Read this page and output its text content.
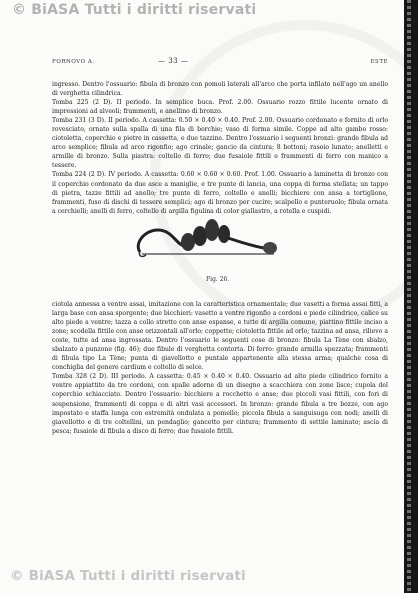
© BiASA Tutti i diritti riservati
FORNOVO A.	— 33 —	ESTE

ingresso. Dentro l'ossuario: fibula di bronzo con pomoli laterali all'arco che porta infilato nell'ago un anello di verghetta cilindrica.

Tomba 225 (2 D). II periodo. In semplice buca. Prof. 2.00. Ossuario rozzo fittile lucente ornato di impressioni ad alveoli; frammenti, e anellino di bronzo.

Tomba 231 (3 D). II periodo. A cassetta: 0.50 × 0.40 × 0.40. Prof. 2.00. Ossuario cordonato e fornito di orlo rovesciato, ornato sulla spalla di una fila di borchie; vaso di forma simile. Coppe ad alto gambo rosso: ciotoletta, coperchio e pietre in cassetta, e due tazzine. Dentro l'ossuario i seguenti bronzi: grande fibula ad arco semplice; fibula ad arco rigonfio; ago crinale; gancio da cintura; 8 bottoni; rasoio lunato; anelletti e armille di bronzo. Sulla piastra: coltello di ferro; due fusaiole fittili e frammenti di ferro con manico a tessere.

Tomba 224 (2 D). IV periodo. A cassetta: 0.60 × 0.60 × 0.60. Prof. 1.00. Ossuario a laminetta di bronzo con il coperchio cordonato da due asce a maniglie, e tre punte di lancia, una coppa di forma stellata; un tappo di pietra, tazze fittili ad anello; tre punte di ferro, coltello e anelli; bicchiere con ansa a tortiglione, frammenti, fuso di dischi di tessere semplici; ago di bronzo per cucire; scalpello e punteruolo; fibula ornata a cerchielli; anelli di ferro, coltello di argilla figulina di color giallastro, a rotella e cuspidi.

Fig. 26.

ciotola annessa a ventre assai, imitazione con la caratteristica ornamentale; due vasetti a forma assai fitti, a larga base con ansa sporgente; due bicchieri: vasetto a ventre rigonfio a cordoni e piede cilindrico, calice su alto piede a ventre; tazza a collo stretto con anse espanse, e tutte di argilla comune, piattino fittile inciso a zone; scodella fittile con anse orizzontali all'orlo; coppette; ciotoletta fittile ad orlo; tazzina ad ansa, rilievo a coste, tutte ad ansa ingrossata. Dentro l'ossuario le seguenti cose di bronzo: fibula La Tène con sbalzo, sbalzato a punzone (fig. 46); due fibule di verghetta contorta. Di ferro: grande armilla spezzata; frammenti di fibula tipo La Tène; punta di giavellotto e puntale appartenente alla stessa arma; qualche cosa di conchiglia del genere cardium e coltello di selce.

Tomba 328 (2 D). III periodo. A cassetta: 0.45 × 0.40 × 0.40. Ossuario ad alto piede cilindrico fornito a ventre appiattito da tre cordoni, con spalle adorne di un disegno a scacchiera con zone lisce; cupola del coperchio schiacciato. Dentro l'ossuario: bicchiere a rocchetto e anse; due piccoli vasi fittili, con fori di sospensione, frammenti di coppa e di altri vasi accessori. In bronzo: grande fibula a tre bozze, con ago impostato e staffa lunga con estremità ondulata a pomello; piccola fibula a sanguisuga con nodi; anelli di giavellotto e di tre coltellini, un pendaglio; gancetto per cintura; frammento di settile laminato; ascia di pesca; fusaiole di fibula a disco di ferro; due fusaiole fittili.

© BiASA Tutti i diritti riservati
